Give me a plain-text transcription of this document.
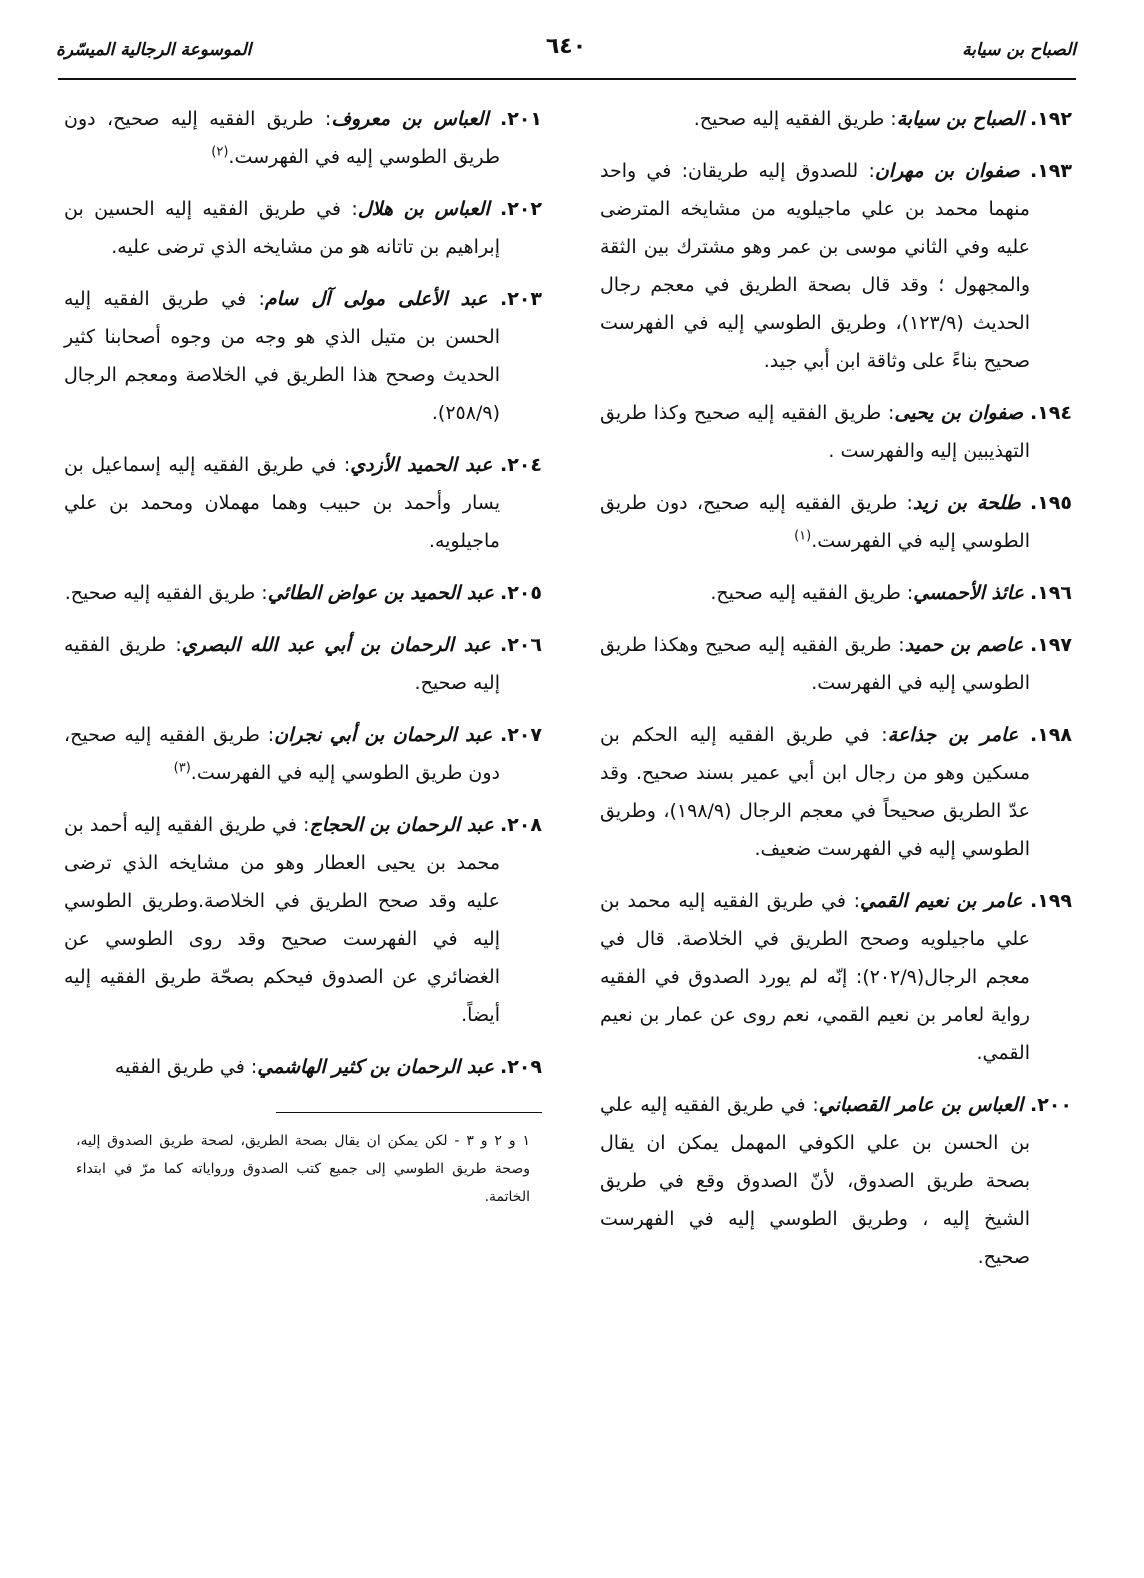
الصباح بن سيابة
٦٤٠
الموسوعة الرجالية الميسّرة

١٩٢. الصباح بن سيابة: طريق الفقيه إليه صحيح.

١٩٣. صفوان بن مهران: للصدوق إليه طريقان: في واحد منهما محمد بن علي ماجيلويه من مشايخه المترضى عليه وفي الثاني موسى بن عمر وهو مشترك بين الثقة والمجهول ؛ وقد قال بصحة الطريق في معجم رجال الحديث (١٢٣/٩)، وطريق الطوسي إليه في الفهرست صحيح بناءً على وثاقة ابن أبي جيد.

١٩٤. صفوان بن يحيى: طريق الفقيه إليه صحيح وكذا طريق التهذيبين إليه والفهرست .

١٩٥. طلحة بن زيد: طريق الفقيه إليه صحيح، دون طريق الطوسي إليه في الفهرست.$^{(١)}$

١٩٦. عائذ الأحمسي: طريق الفقيه إليه صحيح.

١٩٧. عاصم بن حميد: طريق الفقيه إليه صحيح وهكذا طريق الطوسي إليه في الفهرست.

١٩٨. عامر بن جذاعة: في طريق الفقيه إليه الحكم بن مسكين وهو من رجال ابن أبي عمير بسند صحيح. وقد عدّ الطريق صحيحاً في معجم الرجال (١٩٨/٩)، وطريق الطوسي إليه في الفهرست ضعيف.

١٩٩. عامر بن نعيم القمي: في طريق الفقيه إليه محمد بن علي ماجيلويه وصحح الطريق في الخلاصة. قال في معجم الرجال(٢٠٢/٩): إنّه لم يورد الصدوق في الفقيه رواية لعامر بن نعيم القمي، نعم روى عن عمار بن نعيم القمي.

٢٠٠. العباس بن عامر القصباني: في طريق الفقيه إليه علي بن الحسن بن علي الكوفي المهمل يمكن ان يقال بصحة طريق الصدوق، لأنّ الصدوق وقع في طريق الشيخ إليه ، وطريق الطوسي إليه في الفهرست صحيح.

٢٠١. العباس بن معروف: طريق الفقيه إليه صحيح، دون طريق الطوسي إليه في الفهرست.$^{(٢)}$

٢٠٢. العباس بن هلال: في طريق الفقيه إليه الحسين بن إبراهيم بن تاتانه هو من مشايخه الذي ترضى عليه.

٢٠٣. عبد الأعلى مولى آل سام: في طريق الفقيه إليه الحسن بن متيل الذي هو وجه من وجوه أصحابنا كثير الحديث وصحح هذا الطريق في الخلاصة ومعجم الرجال (٢٥٨/٩).

٢٠٤. عبد الحميد الأزدي: في طريق الفقيه إليه إسماعيل بن يسار وأحمد بن حبيب وهما مهملان ومحمد بن علي ماجيلويه.

٢٠٥. عبد الحميد بن عواض الطائي: طريق الفقيه إليه صحيح.

٢٠٦. عبد الرحمان بن أبي عبد الله البصري: طريق الفقيه إليه صحيح.

٢٠٧. عبد الرحمان بن أبي نجران: طريق الفقيه إليه صحيح، دون طريق الطوسي إليه في الفهرست.$^{(٣)}$

٢٠٨. عبد الرحمان بن الحجاج: في طريق الفقيه إليه أحمد بن محمد بن يحيى العطار وهو من مشايخه الذي ترضى عليه وقد صحح الطريق في الخلاصة.وطريق الطوسي إليه في الفهرست صحيح وقد روى الطوسي عن الغضائري عن الصدوق فيحكم بصحّة طريق الفقيه إليه أيضاً.

٢٠٩. عبد الرحمان بن كثير الهاشمي: في طريق الفقيه

١ و ٢ و ٣ - لكن يمكن ان يقال بصحة الطريق، لصحة طريق الصدوق إليه، وصحة طريق الطوسي إلى جميع كتب الصدوق ورواياته كما مرّ في ابتداء الخاتمة.
